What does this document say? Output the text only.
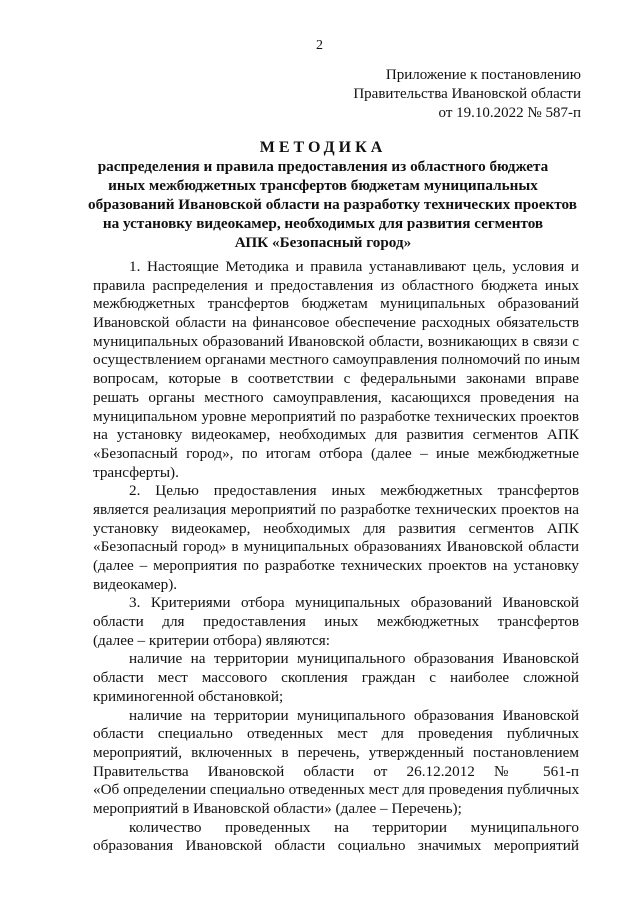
2
Приложение к постановлению
Правительства Ивановской области
от 19.10.2022 № 587-п
МЕТОДИКА
распределения и правила предоставления из областного бюджета
иных межбюджетных трансфертов бюджетам муниципальных
образований Ивановской области на разработку технических проектов
на установку видеокамер, необходимых для развития сегментов
АПК «Безопасный город»
1. Настоящие Методика и правила устанавливают цель, условия и
правила распределения и предоставления из областного бюджета иных
межбюджетных трансфертов бюджетам муниципальных образований
Ивановской области на финансовое обеспечение расходных обязательств
муниципальных образований Ивановской области, возникающих в связи с
осуществлением органами местного самоуправления полномочий по иным
вопросам, которые в соответствии с федеральными законами вправе
решать органы местного самоуправления, касающихся проведения на
муниципальном уровне мероприятий по разработке технических проектов
на установку видеокамер, необходимых для развития сегментов АПК
«Безопасный город», по итогам отбора (далее – иные межбюджетные
трансферты).
2. Целью предоставления иных межбюджетных трансфертов
является реализация мероприятий по разработке технических проектов на
установку видеокамер, необходимых для развития сегментов АПК
«Безопасный город» в муниципальных образованиях Ивановской области
(далее – мероприятия по разработке технических проектов на установку
видеокамер).
3. Критериями отбора муниципальных образований Ивановской
области для предоставления иных межбюджетных трансфертов
(далее – критерии отбора) являются:
наличие на территории муниципального образования Ивановской
области мест массового скопления граждан с наиболее сложной
криминогенной обстановкой;
наличие на территории муниципального образования Ивановской
области специально отведенных мест для проведения публичных
мероприятий, включенных в перечень, утвержденный постановлением
Правительства Ивановской области от 26.12.2012 № 561-п
«Об определении специально отведенных мест для проведения публичных
мероприятий в Ивановской области» (далее – Перечень);
количество проведенных на территории муниципального
образования Ивановской области социально значимых мероприятий
